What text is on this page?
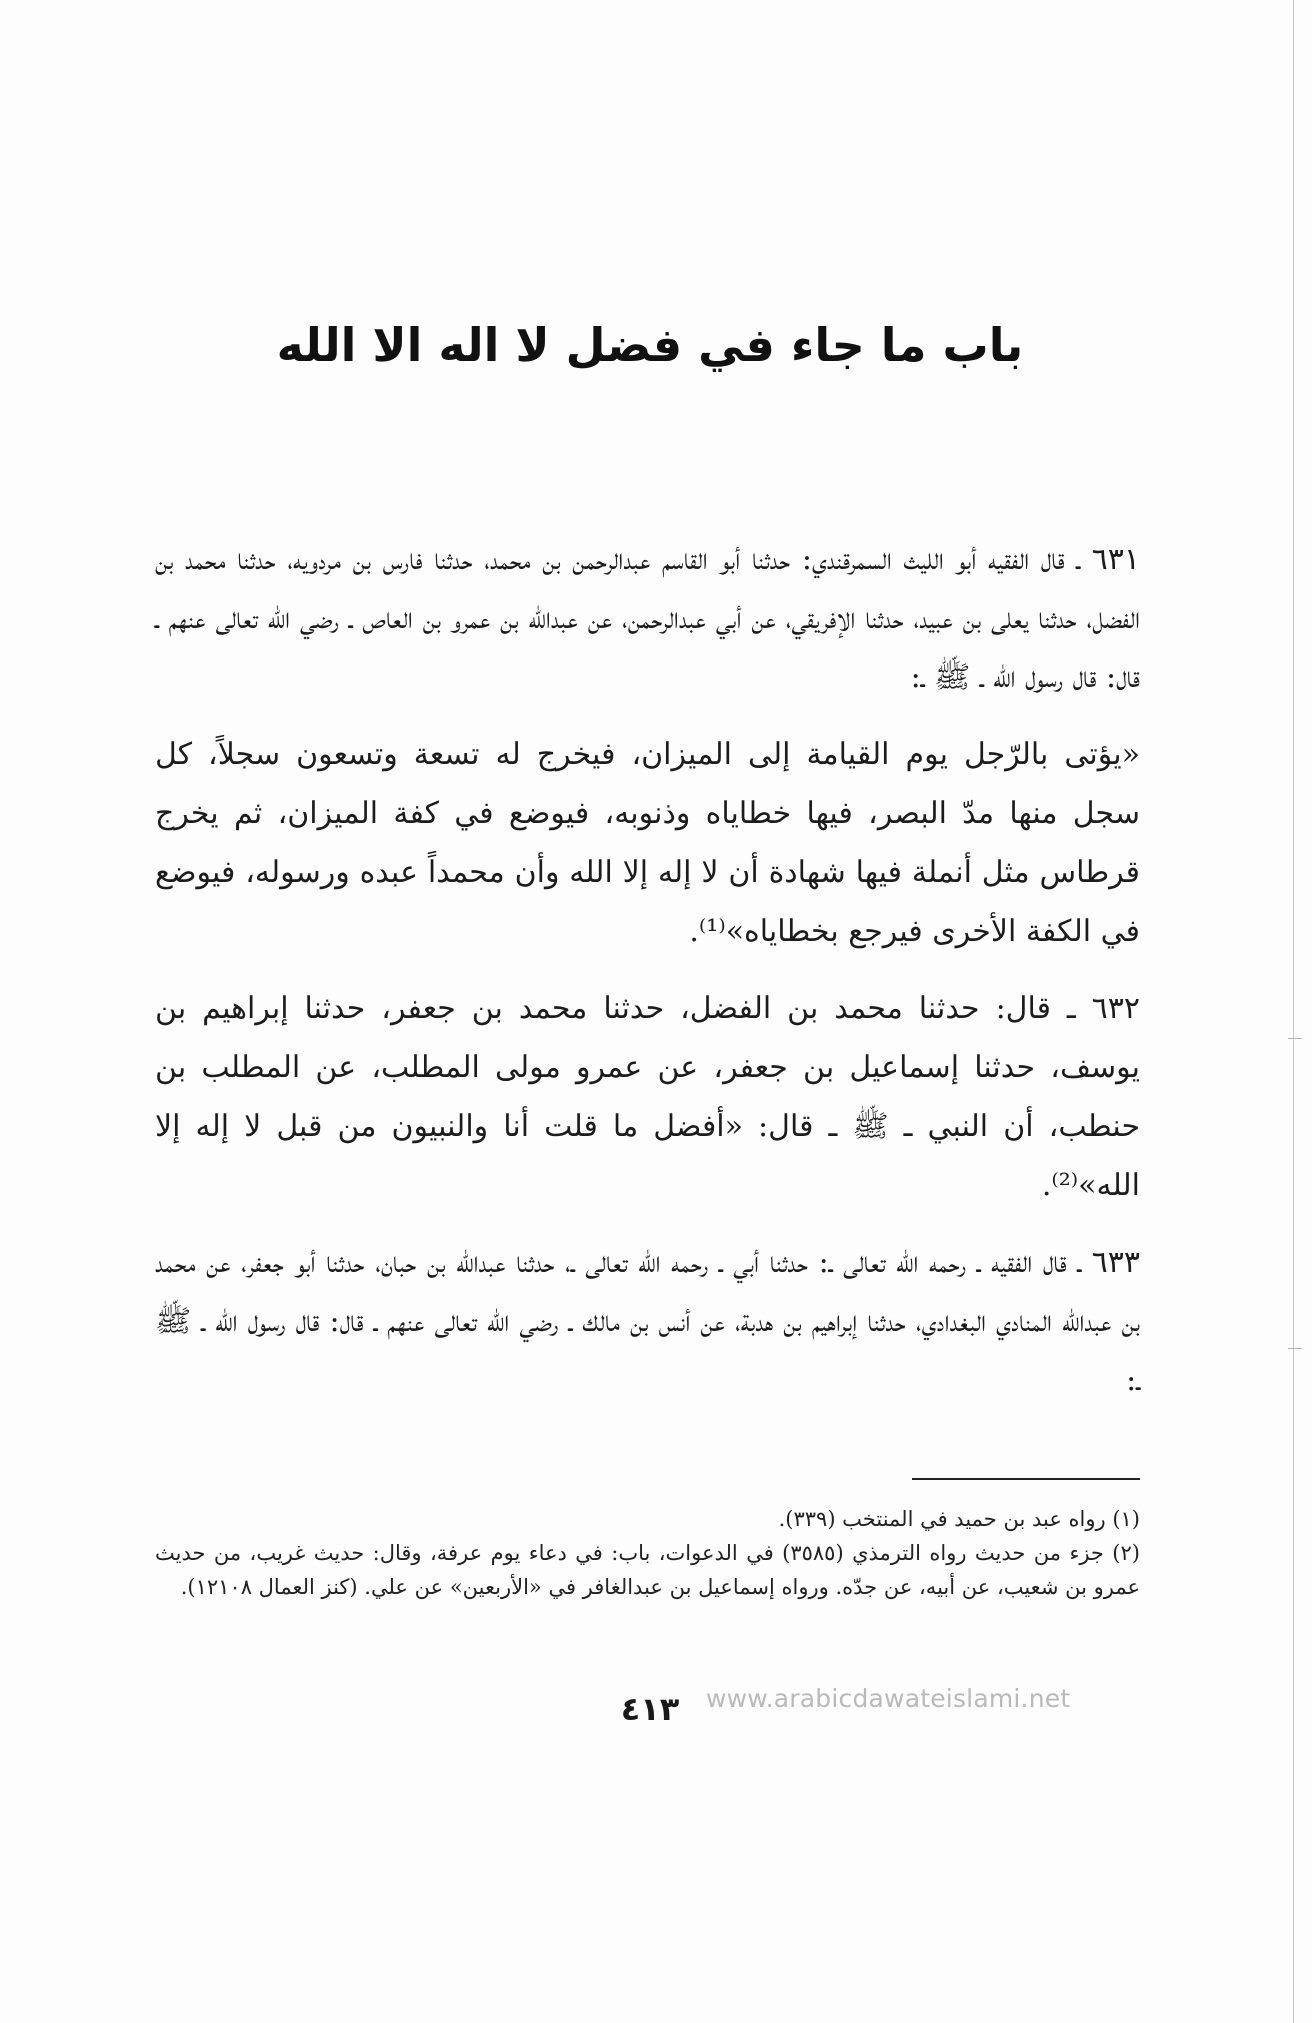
باب ما جاء في فضل لا اله الا الله

٦٣١ ـ قال الفقيه أبو الليث السمرقندي: حدثنا أبو القاسم عبدالرحمن بن محمد، حدثنا فارس بن مردويه، حدثنا محمد بن الفضل، حدثنا يعلى بن عبيد، حدثنا الإفريقي، عن أبي عبدالرحمن، عن عبدالله بن عمرو بن العاص ـ رضي الله تعالى عنهم ـ قال: قال رسول الله ـ ﷺ ـ:

«يؤتى بالرّجل يوم القيامة إلى الميزان، فيخرج له تسعة وتسعون سجلاً، كل سجل منها مدّ البصر، فيها خطاياه وذنوبه، فيوضع في كفة الميزان، ثم يخرج قرطاس مثل أنملة فيها شهادة أن لا إله إلا الله وأن محمداً عبده ورسوله، فيوضع في الكفة الأخرى فيرجع بخطاياه»⁽¹⁾.

٦٣٢ ـ قال: حدثنا محمد بن الفضل، حدثنا محمد بن جعفر، حدثنا إبراهيم بن يوسف، حدثنا إسماعيل بن جعفر، عن عمرو مولى المطلب، عن المطلب بن حنطب، أن النبي ـ ﷺ ـ قال: «أفضل ما قلت أنا والنبيون من قبل لا إله إلا الله»⁽²⁾.

٦٣٣ ـ قال الفقيه ـ رحمه الله تعالى ـ: حدثنا أبي ـ رحمه الله تعالى ـ، حدثنا عبدالله بن حبان، حدثنا أبو جعفر، عن محمد بن عبدالله المنادي البغدادي، حدثنا إبراهيم بن هدبة، عن أنس بن مالك ـ رضي الله تعالى عنهم ـ قال: قال رسول الله ـ ﷺ ـ:

(١) رواه عبد بن حميد في المنتخب (٣٣٩).

(٢) جزء من حديث رواه الترمذي (٣٥٨٥) في الدعوات، باب: في دعاء يوم عرفة، وقال: حديث غريب، من حديث عمرو بن شعيب، عن أبيه، عن جدّه. ورواه إسماعيل بن عبدالغافر في «الأربعين» عن علي. (كنز العمال ١٢١٠٨).

٤١٣	www.arabicdawateislami.net
